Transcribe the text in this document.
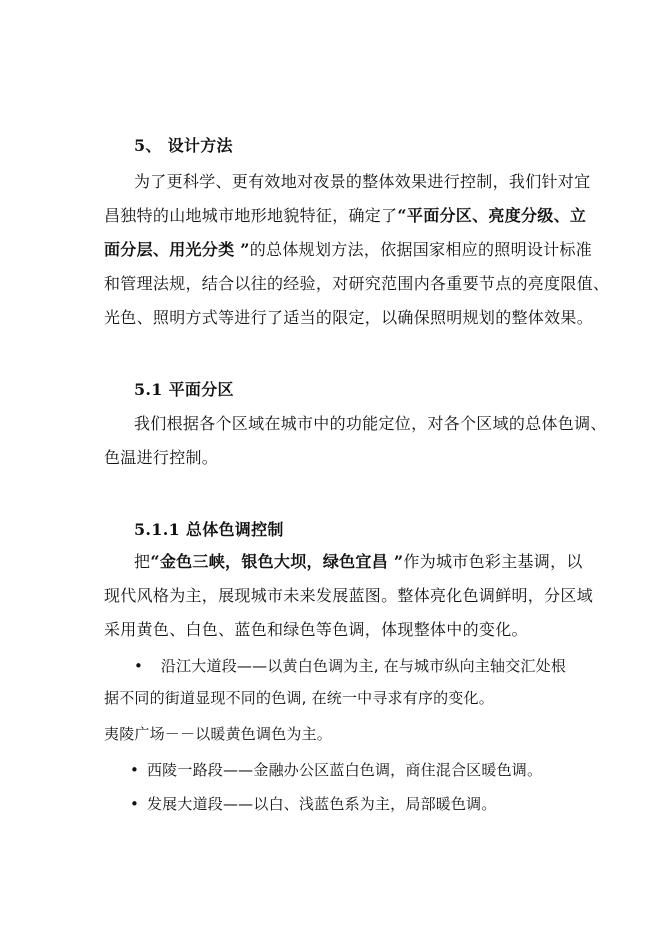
5、 设计方法
为了更科学、更有效地对夜景的整体效果进行控制，我们针对宜
昌独特的山地城市地形地貌特征，确定了“平面分区、亮度分级、立
面分层、用光分类 ”的总体规划方法，依据国家相应的照明设计标准
和管理法规，结合以往的经验，对研究范围内各重要节点的亮度限值、
光色、照明方式等进行了适当的限定，以确保照明规划的整体效果。
5.1 平面分区
我们根据各个区域在城市中的功能定位，对各个区域的总体色调、
色温进行控制。
5.1.1 总体色调控制
把“金色三峡，银色大坝，绿色宜昌 ”作为城市色彩主基调，以
现代风格为主，展现城市未来发展蓝图。整体亮化色调鲜明，分区域
采用黄色、白色、蓝色和绿色等色调，体现整体中的变化。
• 沿江大道段——以黄白色调为主, 在与城市纵向主轴交汇处根
据不同的街道显现不同的色调, 在统一中寻求有序的变化。
夷陵广场－－以暖黄色调色为主。
• 西陵一路段——金融办公区蓝白色调，商住混合区暖色调。
• 发展大道段——以白、浅蓝色系为主，局部暖色调。
